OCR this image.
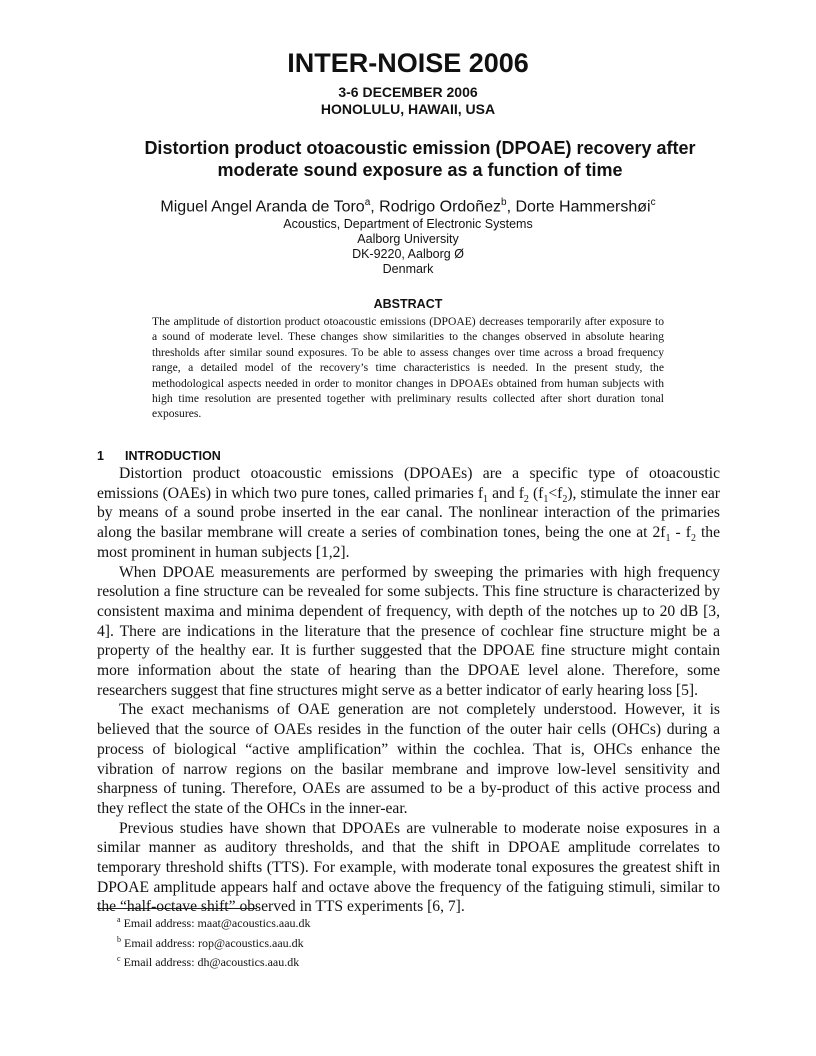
INTER-NOISE 2006
3-6 DECEMBER 2006
HONOLULU, HAWAII, USA
Distortion product otoacoustic emission (DPOAE) recovery after
moderate sound exposure as a function of time
Miguel Angel Aranda de Toro$^a$, Rodrigo Ordoñez$^b$, Dorte Hammershøi$^c$
Acoustics, Department of Electronic Systems
Aalborg University
DK-9220, Aalborg Ø
Denmark
ABSTRACT

The amplitude of distortion product otoacoustic emissions (DPOAE) decreases temporarily after exposure to a sound of moderate level. These changes show similarities to the changes observed in absolute hearing thresholds after similar sound exposures. To be able to assess changes over time across a broad frequency range, a detailed model of the recovery’s time characteristics is needed. In the present study, the methodological aspects needed in order to monitor changes in DPOAEs obtained from human subjects with high time resolution are presented together with preliminary results collected after short duration tonal exposures.

1 INTRODUCTION

Distortion product otoacoustic emissions (DPOAEs) are a specific type of otoacoustic emissions (OAEs) in which two pure tones, called primaries $f_1$ and $f_2$ $(f_1<f_2)$, stimulate the inner ear by means of a sound probe inserted in the ear canal. The nonlinear interaction of the primaries along the basilar membrane will create a series of combination tones, being the one at $2f_1 - f_2$ the most prominent in human subjects [1,2].

When DPOAE measurements are performed by sweeping the primaries with high frequency resolution a fine structure can be revealed for some subjects. This fine structure is characterized by consistent maxima and minima dependent of frequency, with depth of the notches up to 20 dB [3, 4]. There are indications in the literature that the presence of cochlear fine structure might be a property of the healthy ear. It is further suggested that the DPOAE fine structure might contain more information about the state of hearing than the DPOAE level alone. Therefore, some researchers suggest that fine structures might serve as a better indicator of early hearing loss [5].

The exact mechanisms of OAE generation are not completely understood. However, it is believed that the source of OAEs resides in the function of the outer hair cells (OHCs) during a process of biological “active amplification” within the cochlea. That is, OHCs enhance the vibration of narrow regions on the basilar membrane and improve low-level sensitivity and sharpness of tuning. Therefore, OAEs are assumed to be a by-product of this active process and they reflect the state of the OHCs in the inner-ear.

Previous studies have shown that DPOAEs are vulnerable to moderate noise exposures in a similar manner as auditory thresholds, and that the shift in DPOAE amplitude correlates to temporary threshold shifts (TTS). For example, with moderate tonal exposures the greatest shift in DPOAE amplitude appears half and octave above the frequency of the fatiguing stimuli, similar to the “half-octave shift” observed in TTS experiments [6, 7].

$^a$ Email address: maat@acoustics.aau.dk
$^b$ Email address: rop@acoustics.aau.dk
$^c$ Email address: dh@acoustics.aau.dk
